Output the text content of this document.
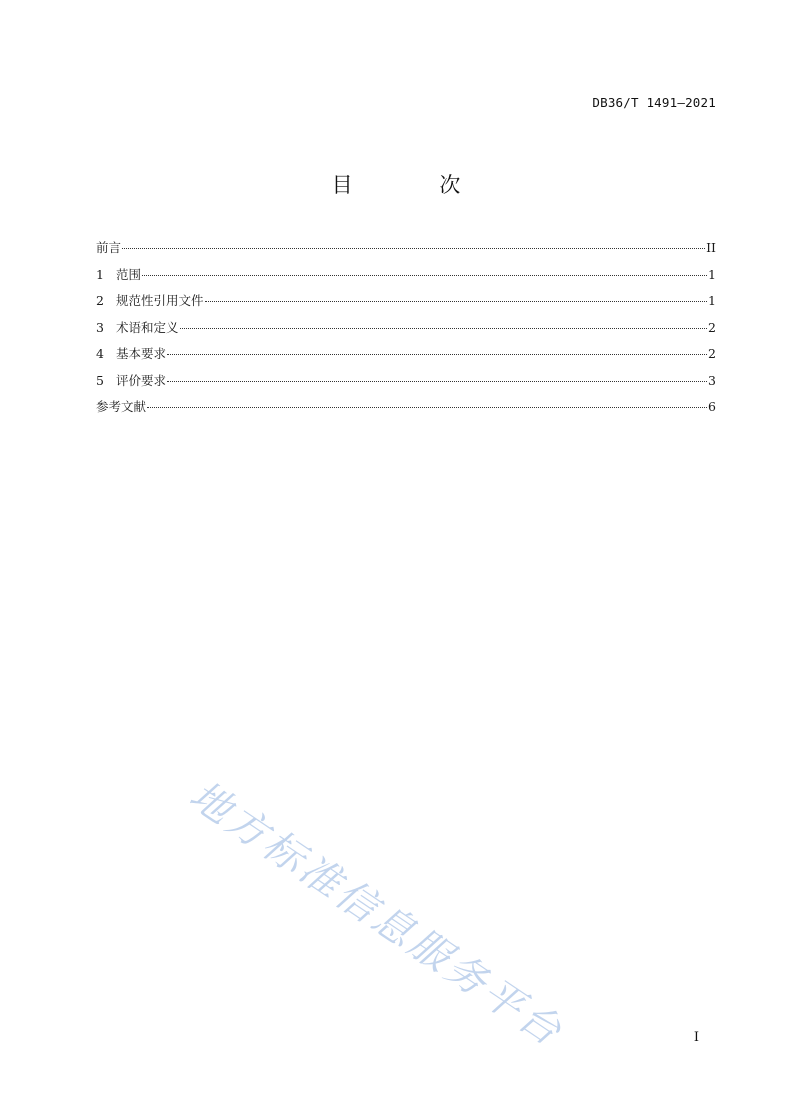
DB36/T 1491—2021
目 次
前言	II
1 范围	1
2 规范性引用文件	1
3 术语和定义	2
4 基本要求	2
5 评价要求	3
参考文献	6
地方标准信息服务平台	I
